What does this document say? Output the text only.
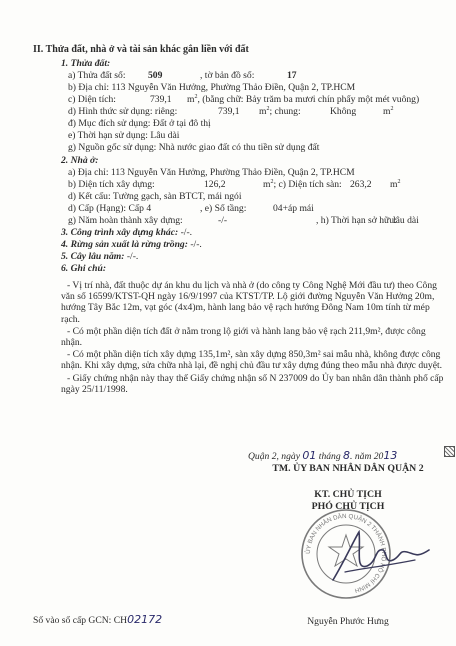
II. Thửa đất, nhà ở và tài sản khác gắn liền với đất
1. Thửa đất:
a) Thửa đất số: 509	, tờ bản đồ số:	17
b) Địa chỉ: 113 Nguyễn Văn Hưởng, Phường Thảo Điền, Quận 2, TP.HCM
c) Diện tích:	739,1 $m^2$, (bằng chữ: Bảy trăm ba mươi chín phẩy một mét vuông)
d) Hình thức sử dụng: riêng:	739,1 $m^2$; chung:	Không	$m^2$
đ) Mục đích sử dụng: Đất ở tại đô thị
e) Thời hạn sử dụng: Lâu dài
g) Nguồn gốc sử dụng: Nhà nước giao đất có thu tiền sử dụng đất
2. Nhà ở:
a) Địa chỉ: 113 Nguyễn Văn Hưởng, Phường Thảo Điền, Quận 2, TP.HCM
b) Diện tích xây dựng:	126,2	$m^2$; c) Diện tích sàn: 263,2 $m^2$
d) Kết cấu: Tường gạch, sàn BTCT, mái ngói
d) Cấp (Hạng): Cấp 4	, e) Số tầng:	04+áp mái
g) Năm hoàn thành xây dựng:	-/-	, h) Thời hạn sở hữu:
lâu dài
3. Công trình xây dựng khác: -/-.
4. Rừng sản xuất là rừng trồng: -/-.
5. Cây lâu năm: -/-.
6. Ghi chú:

- Vị trí nhà, đất thuộc dự án khu du lịch và nhà ở (do công ty Công Nghệ Mới đầu tư) theo Công văn số 16599/KTST-QH ngày 16/9/1997 của KTST/TP. Lộ giới đường Nguyễn Văn Hưởng 20m, hướng Tây Bắc 12m, vạt góc (4x4)m, hành lang bảo vệ rạch hướng Đông Nam 10m tính từ mép rạch.

- Có một phần diện tích đất ở nằm trong lộ giới và hành lang bảo vệ rạch 211,9m², được công nhận.

- Có một phần diện tích xây dựng 135,1m², sàn xây dựng 850,3m² sai mẫu nhà, không được công nhận. Khi xây dựng, sửa chữa nhà lại, đề nghị chủ đầu tư xây dựng đúng theo mẫu nhà được duyệt.

- Giấy chứng nhận này thay thế Giấy chứng nhận số N 237009 do Ủy ban nhân dân thành phố cấp ngày 25/11/1998.

Quận 2, ngày 01 tháng 8. năm 2013
TM. ỦY BAN NHÂN DÂN QUẬN 2
KT. CHỦ TỊCH
PHÓ CHỦ TỊCH
ỦY BAN NHÂN DÂN QUẬN 2 THÀNH PHỐ HỒ CHÍ MINH
Nguyễn Phước Hưng
Số vào sổ cấp GCN: CH02172
